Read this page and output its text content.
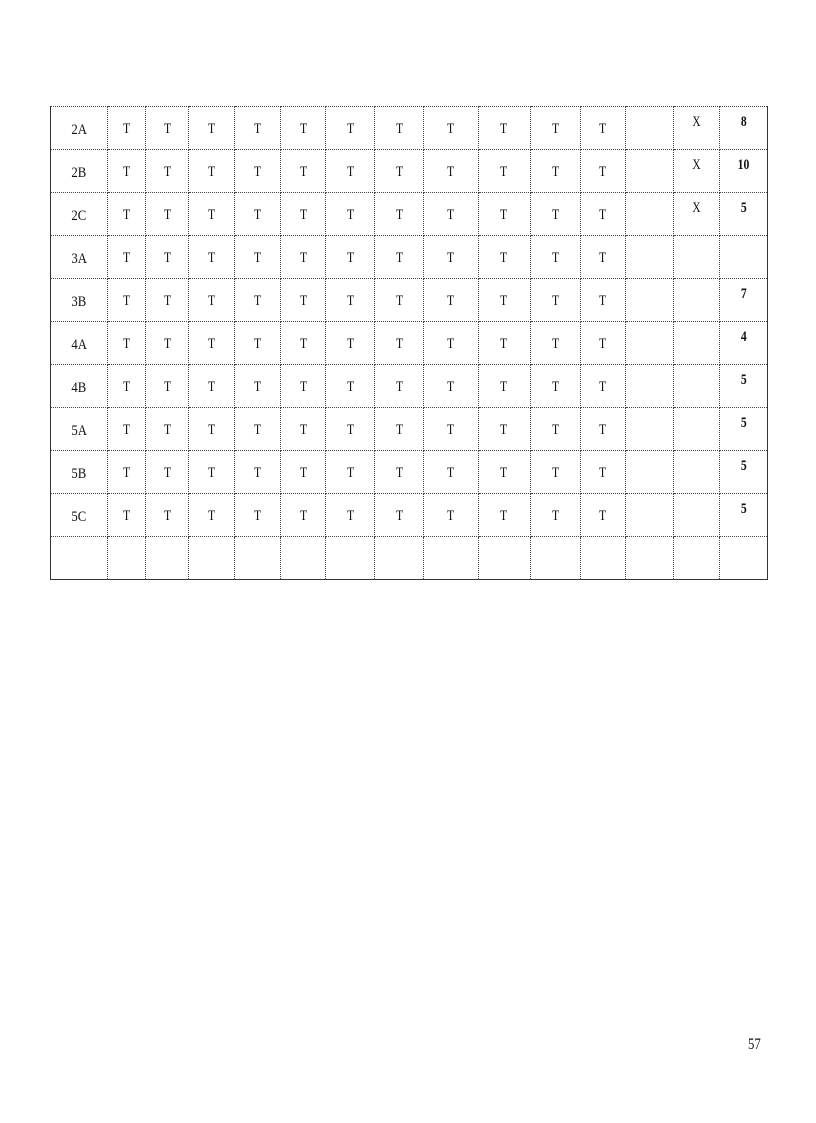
2A	T	T	T	T	T	T	T	T	T	T	T		X	8
2B	T	T	T	T	T	T	T	T	T	T	T		X	10
2C	T	T	T	T	T	T	T	T	T	T	T		X	5
3A	T	T	T	T	T	T	T	T	T	T	T			
3B	T	T	T	T	T	T	T	T	T	T	T			7
4A	T	T	T	T	T	T	T	T	T	T	T			4
4B	T	T	T	T	T	T	T	T	T	T	T			5
5A	T	T	T	T	T	T	T	T	T	T	T			5
5B	T	T	T	T	T	T	T	T	T	T	T			5
5C	T	T	T	T	T	T	T	T	T	T	T			5

57
